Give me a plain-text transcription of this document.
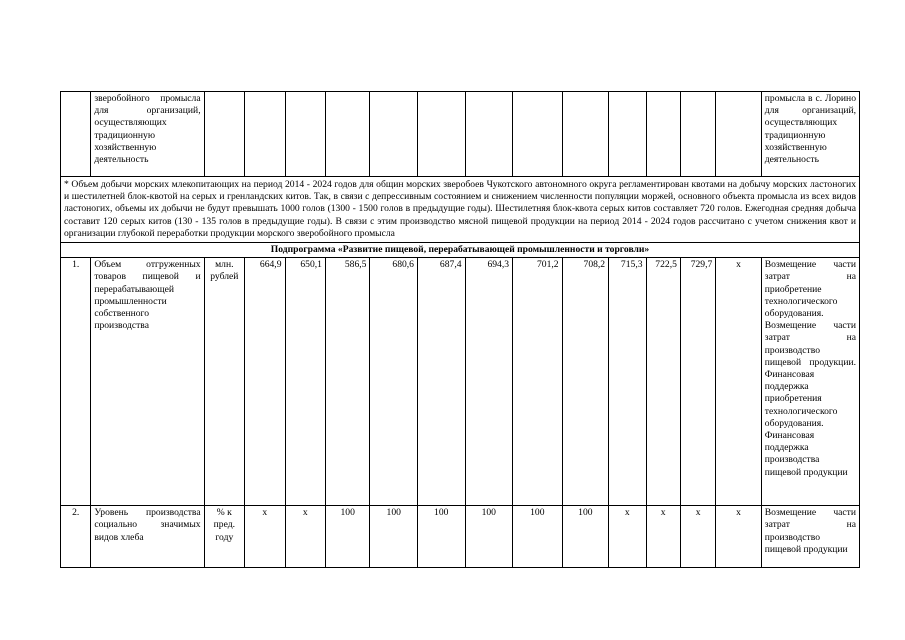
	зверобойного промысла для организаций, осуществляющих традиционную хозяйственную деятельность														промысла в с. Лорино для организаций, осуществляющих традиционную хозяйственную деятельность
* Объем добычи морских млекопитающих на период 2014 - 2024 годов для общин морских зверобоев Чукотского автономного округа регламентирован квотами на добычу морских ластоногих и шестилетней блок-квотой на серых и гренландских китов. Так, в связи с депрессивным состоянием и снижением численности популяции моржей, основного объекта промысла из всех видов ластоногих, объемы их добычи не будут превышать 1000 голов (1300 - 1500 голов в предыдущие годы). Шестилетняя блок-квота серых китов составляет 720 голов. Ежегодная средняя добыча составит 120 серых китов (130 - 135 голов в предыдущие годы). В связи с этим производство мясной пищевой продукции на период 2014 - 2024 годов рассчитано с учетом снижения квот и организации глубокой переработки продукции морского зверобойного промысла															
Подпрограмма «Развитие пищевой, перерабатывающей промышленности и торговли»															
1.	Объем отгруженных товаров пищевой и перерабатывающей промышленности собственного производства	млн. рублей	664,9	650,1	586,5	680,6	687,4	694,3	701,2	708,2	715,3	722,5	729,7	х	Возмещение части затрат на приобретение технологического оборудования. Возмещение части затрат на производство пищевой продукции. Финансовая поддержка приобретения технологического оборудования. Финансовая поддержка производства пищевой продукции
2.	Уровень производства социально значимых видов хлеба	% к пред. году	х	х	100	100	100	100	100	100	х	х	х	х	Возмещение части затрат на производство пищевой продукции
